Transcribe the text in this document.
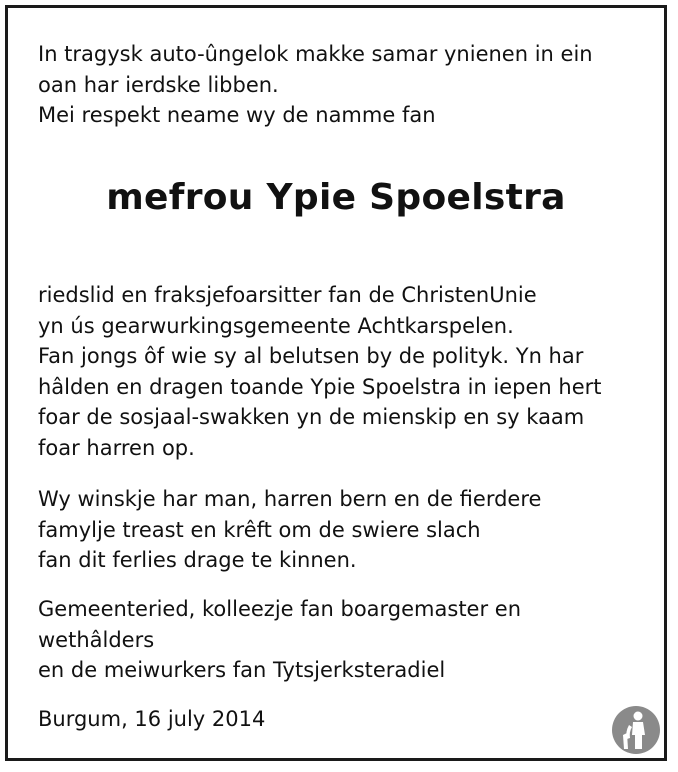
In tragysk auto-ûngelok makke samar ynienen in ein
oan har ierdske libben.
Mei respekt neame wy de namme fan
mefrou Ypie Spoelstra
riedslid en fraksjefoarsitter fan de ChristenUnie
yn ús gearwurkingsgemeente Achtkarspelen.
Fan jongs ôf wie sy al belutsen by de polityk. Yn har
hâlden en dragen toande Ypie Spoelstra in iepen hert
foar de sosjaal-swakken yn de mienskip en sy kaam
foar harren op.
Wy winskje har man, harren bern en de fierdere
famylje treast en krêft om de swiere slach
fan dit ferlies drage te kinnen.
Gemeenteried, kolleezje fan boargemaster en
wethâlders
en de meiwurkers fan Tytsjerksteradiel
Burgum, 16 july 2014
